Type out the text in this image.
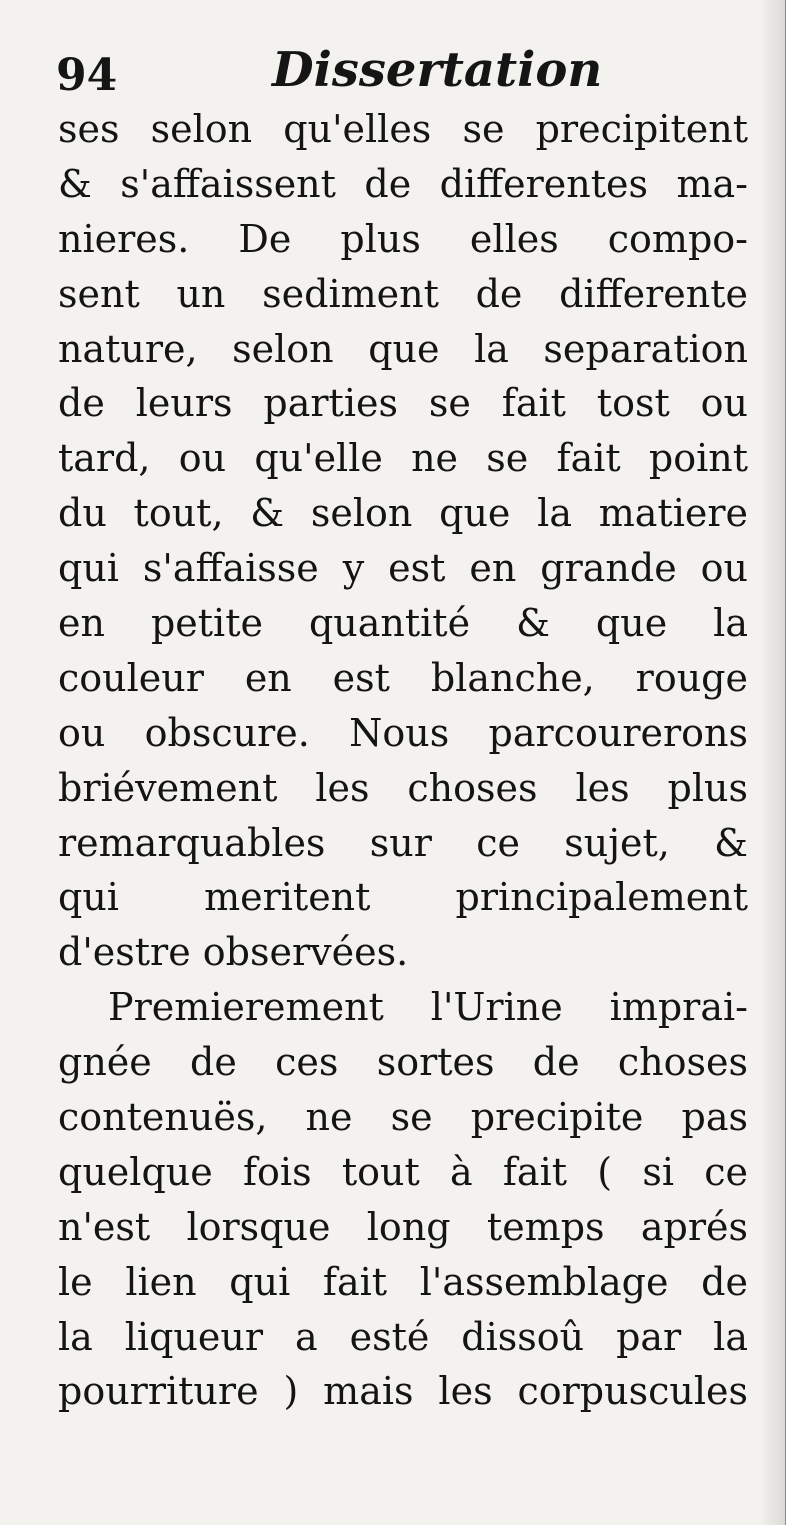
94	Dissertation
ses selon qu'elles se precipitent
& s'affaissent de differentes ma-
nieres. De plus elles compo-
sent un sediment de differente
nature, selon que la separation
de leurs parties se fait tost ou
tard, ou qu'elle ne se fait point
du tout, & selon que la matiere
qui s'affaisse y est en grande ou
en petite quantité & que la
couleur en est blanche, rouge
ou obscure. Nous parcourerons
briévement les choses les plus
remarquables sur ce sujet, &
qui meritent principalement
d'estre observées.
Premierement l'Urine imprai-
gnée de ces sortes de choses
contenuës, ne se precipite pas
quelque fois tout à fait ( si ce
n'est lorsque long temps aprés
le lien qui fait l'assemblage de
la liqueur a esté dissoû par la
pourriture ) mais les corpuscules
